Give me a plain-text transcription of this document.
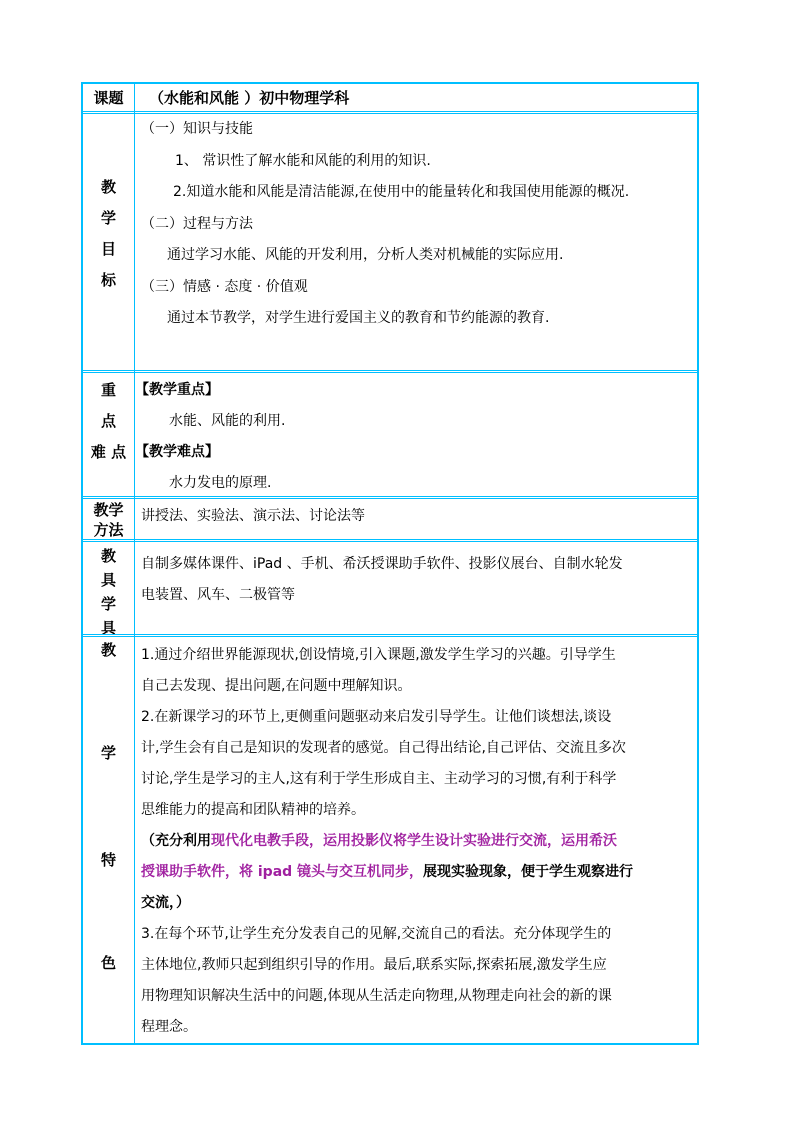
课题	（水能和风能 ）初中物理学科
教
学
目
标

（一）知识与技能

1、 常识性了解水能和风能的利用的知识.

2.知道水能和风能是清洁能源,在使用中的能量转化和我国使用能源的概况.

（二）过程与方法

通过学习水能、风能的开发利用，分析人类对机械能的实际应用.

（三）情感 · 态度 · 价值观

通过本节教学，对学生进行爱国主义的教育和节约能源的教育.

重
点
难 点

【教学重点】

水能、风能的利用.

【教学难点】

水力发电的原理.

教学
方法

讲授法、实验法、演示法、讨论法等

教
具
学
具

自制多媒体课件、iPad 、手机、希沃授课助手软件、投影仪展台、自制水轮发

电装置、风车、二极管等

教
学
特
色

1.通过介绍世界能源现状,创设情境,引入课题,激发学生学习的兴趣。引导学生

自己去发现、提出问题,在问题中理解知识。

2.在新课学习的环节上,更侧重问题驱动来启发引导学生。让他们谈想法,谈设

计,学生会有自己是知识的发现者的感觉。自己得出结论,自己评估、交流且多次

讨论,学生是学习的主人,这有利于学生形成自主、主动学习的习惯,有利于科学

思维能力的提高和团队精神的培养。

（充分利用现代化电教手段，运用投影仪将学生设计实验进行交流，运用希沃

授课助手软件，将 ipad 镜头与交互机同步，展现实验现象，便于学生观察进行

交流，）

3.在每个环节,让学生充分发表自己的见解,交流自己的看法。充分体现学生的

主体地位,教师只起到组织引导的作用。最后,联系实际,探索拓展,激发学生应

用物理知识解决生活中的问题,体现从生活走向物理,从物理走向社会的新的课

程理念。
